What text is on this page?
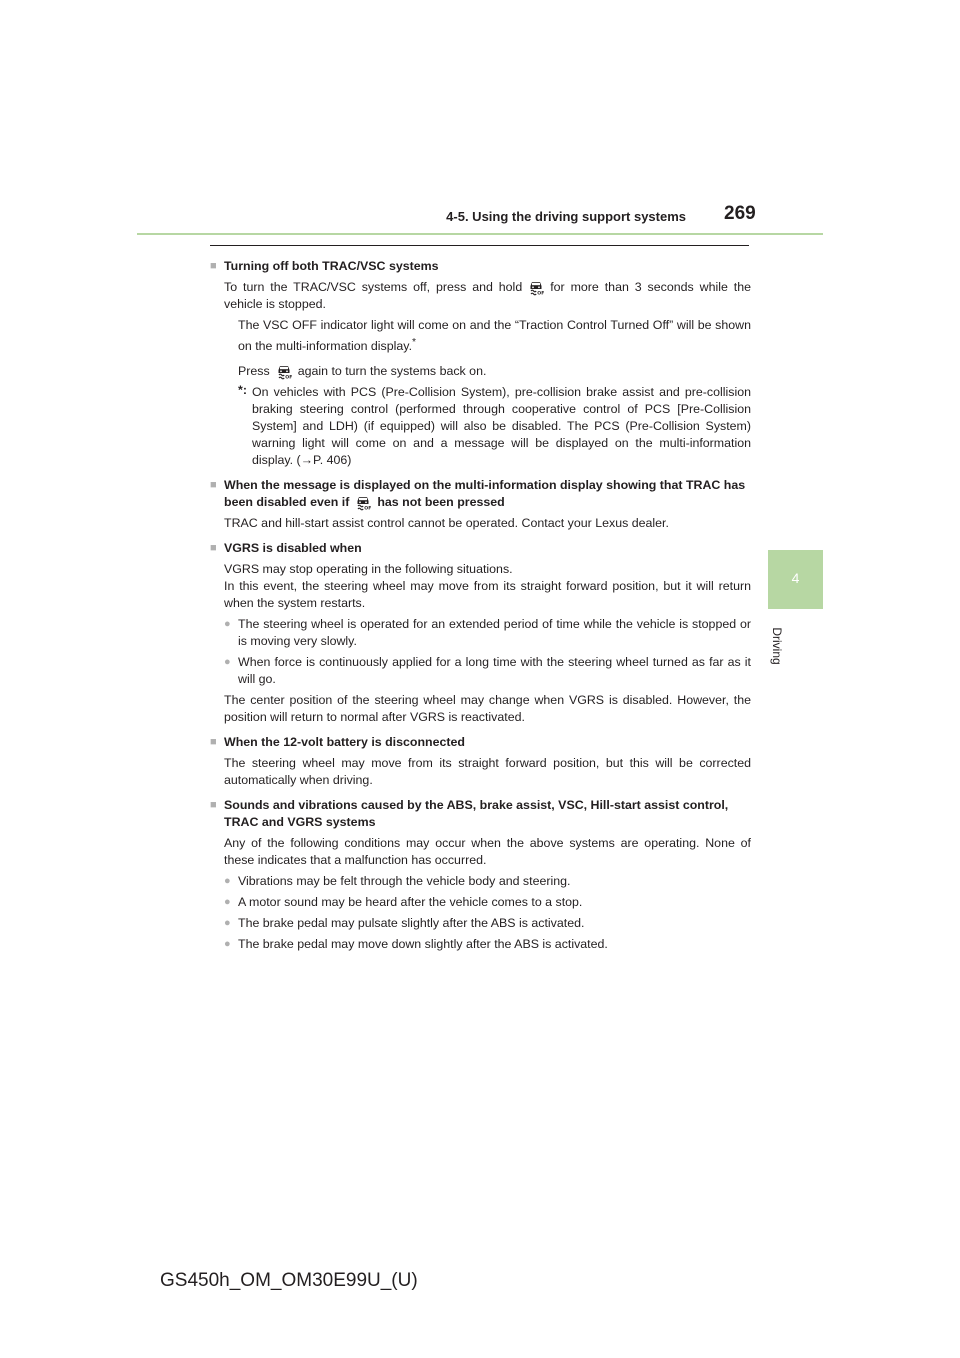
4-5. Using the driving support systems 269
4
Driving
■ Turning off both TRAC/VSC systems
To turn the TRAC/VSC systems off, press and hold for more than 3 seconds while the vehicle is stopped.
The VSC OFF indicator light will come on and the “Traction Control Turned Off” will be shown on the multi-information display.*
Press again to turn the systems back on.
*: On vehicles with PCS (Pre-Collision System), pre-collision brake assist and pre-collision braking steering control (performed through cooperative control of PCS [Pre-Collision System] and LDH) (if equipped) will also be disabled. The PCS (Pre-Collision System) warning light will come on and a message will be displayed on the multi-information display. (→P. 406)
■ When the message is displayed on the multi-information display showing that TRAC has been disabled even if has not been pressed
TRAC and hill-start assist control cannot be operated. Contact your Lexus dealer.
■ VGRS is disabled when
VGRS may stop operating in the following situations.
In this event, the steering wheel may move from its straight forward position, but it will return when the system restarts.
● The steering wheel is operated for an extended period of time while the vehicle is stopped or is moving very slowly.
● When force is continuously applied for a long time with the steering wheel turned as far as it will go.
The center position of the steering wheel may change when VGRS is disabled. However, the position will return to normal after VGRS is reactivated.
■ When the 12-volt battery is disconnected
The steering wheel may move from its straight forward position, but this will be corrected automatically when driving.
■ Sounds and vibrations caused by the ABS, brake assist, VSC, Hill-start assist control, TRAC and VGRS systems
Any of the following conditions may occur when the above systems are operating. None of these indicates that a malfunction has occurred.
● Vibrations may be felt through the vehicle body and steering.
● A motor sound may be heard after the vehicle comes to a stop.
● The brake pedal may pulsate slightly after the ABS is activated.
● The brake pedal may move down slightly after the ABS is activated.
GS450h_OM_OM30E99U_(U)
